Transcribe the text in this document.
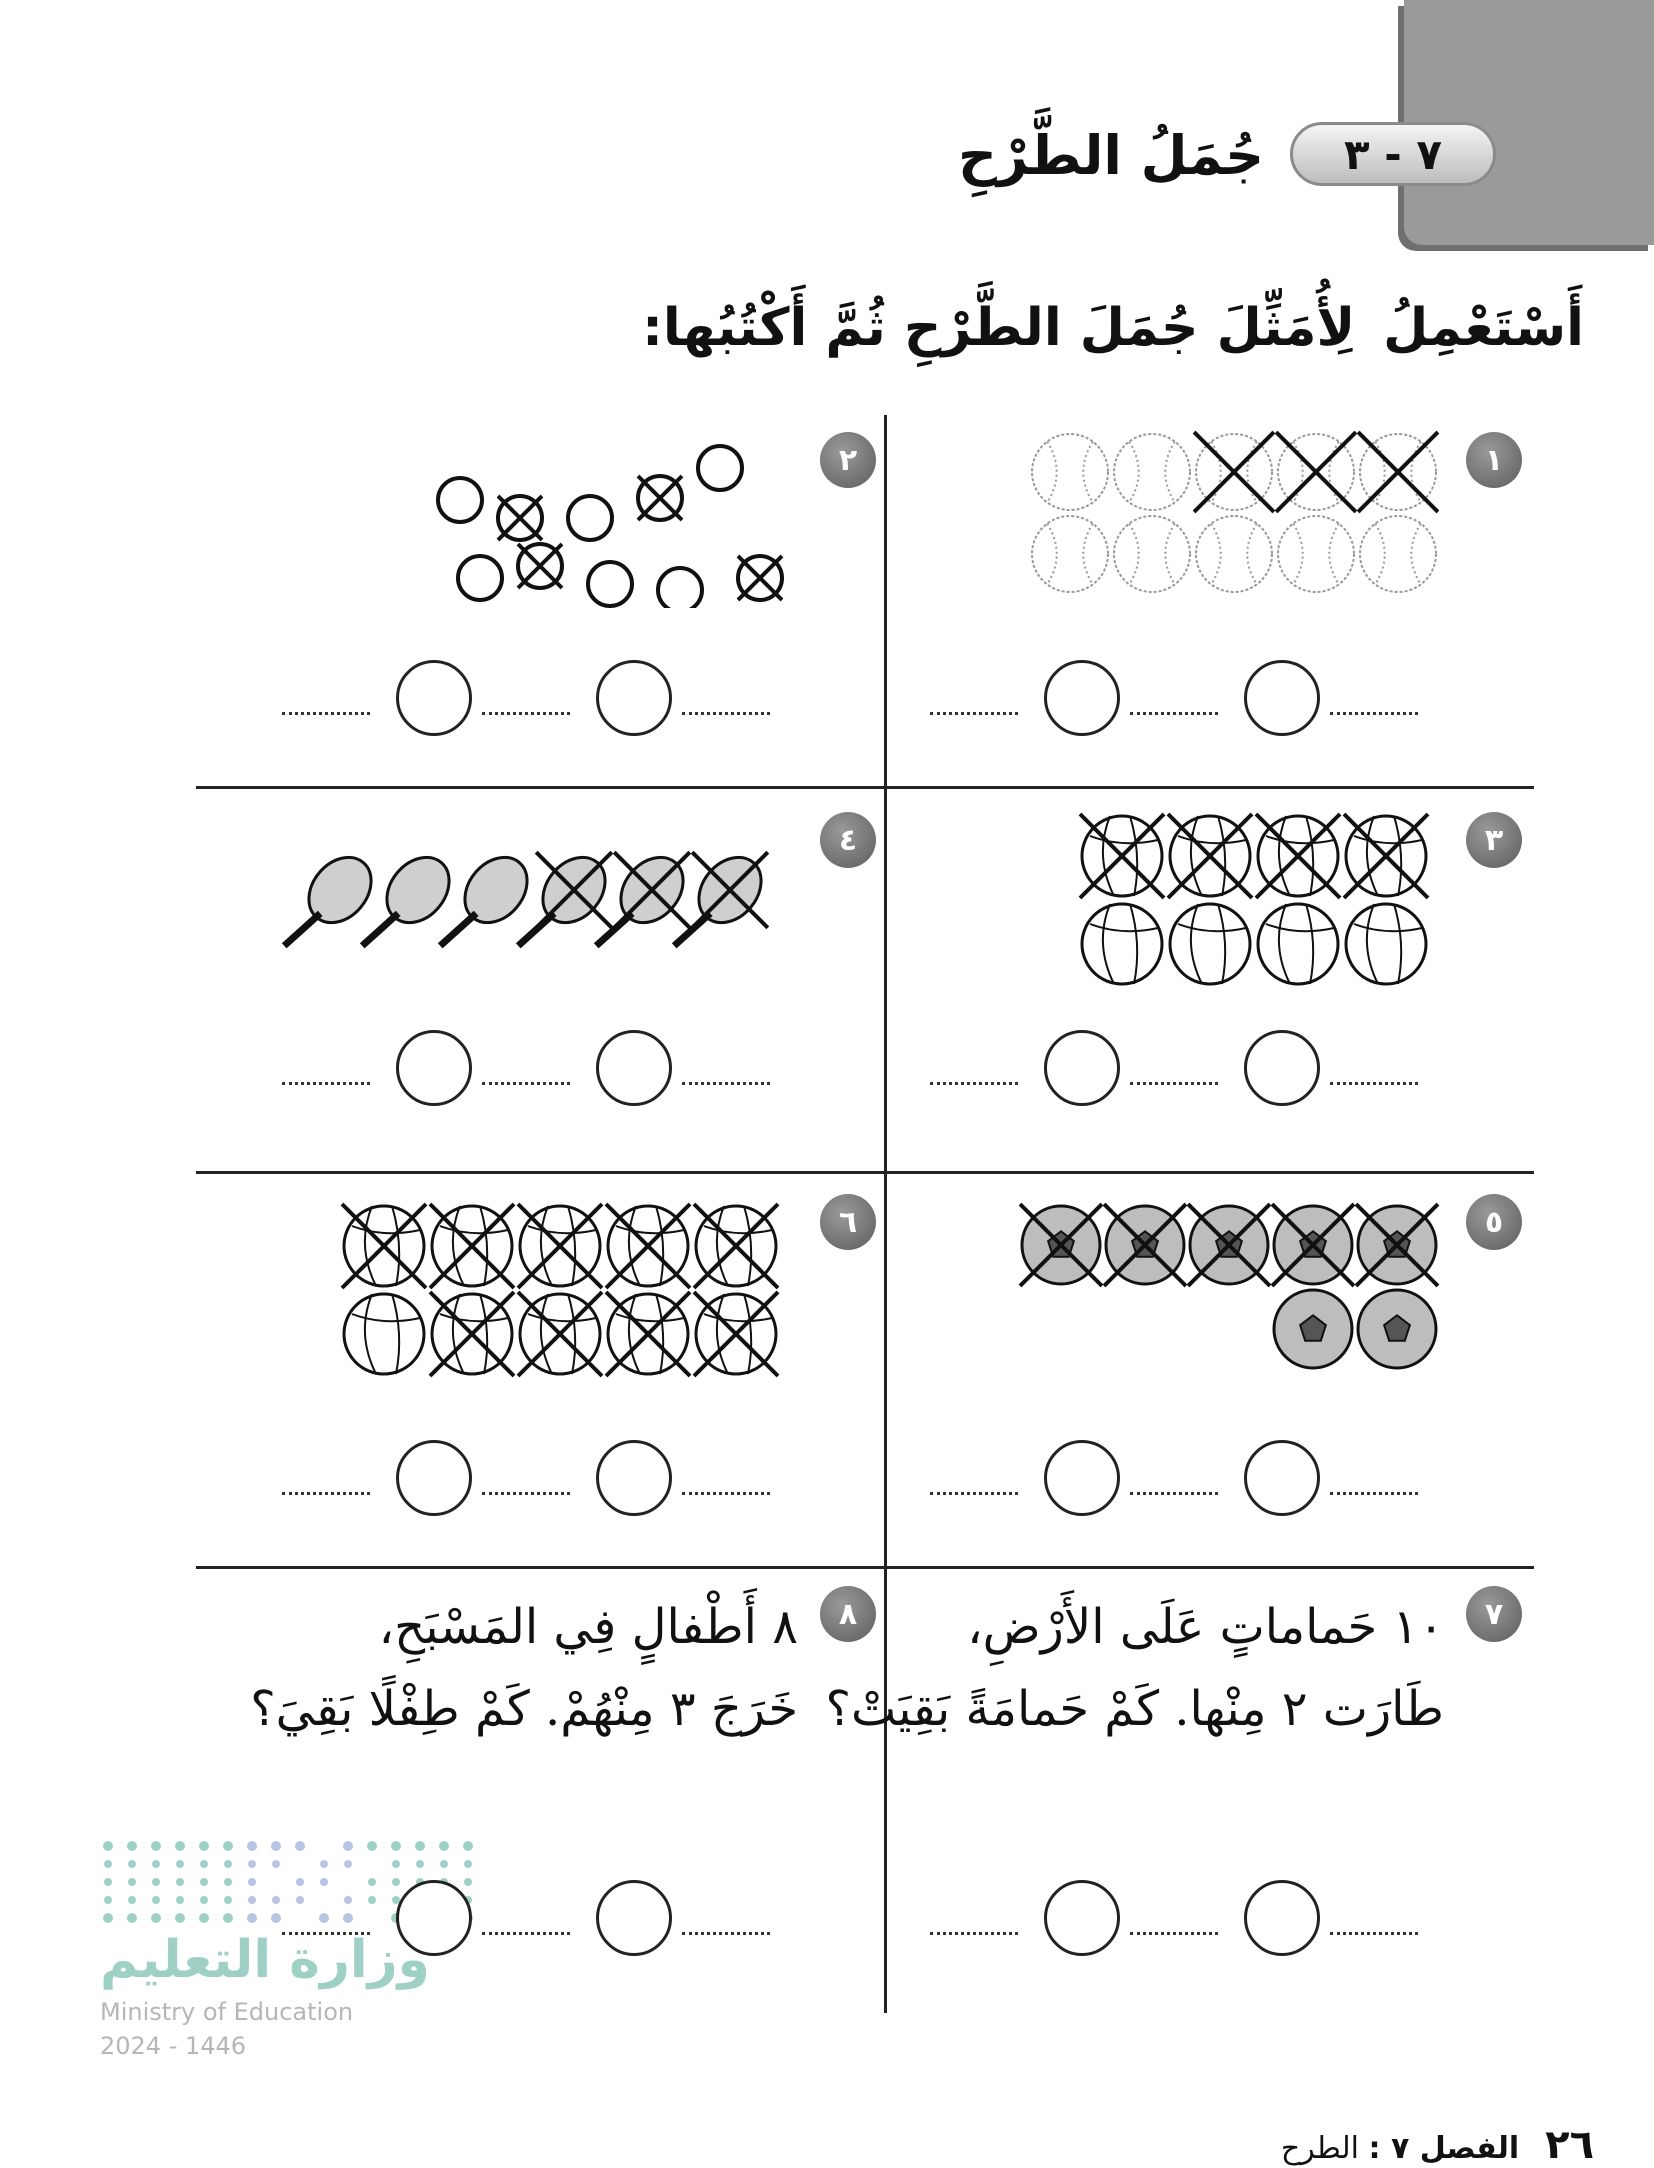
٧ - ٣
جُمَلُ الطَّرْحِ
أَسْتَعْمِلُ
لِأُمَثِّلَ جُمَلَ الطَّرْحِ ثُمَّ أَكْتُبُها:
١
٢
٣
٤
٥
٦
٧
٨	١٠ حَماماتٍ عَلَى الأَرْضِ،
طَارَت ٢ مِنْها. كَمْ حَمامَةً بَقِيَتْ؟
٨ أَطْفالٍ فِي المَسْبَحِ،
خَرَجَ ٣ مِنْهُمْ. كَمْ طِفْلًا بَقِيَ؟
وزارة التعليم
Ministry of Education
2024 - 1446
٢٦
الفصل ٧ : الطرح
